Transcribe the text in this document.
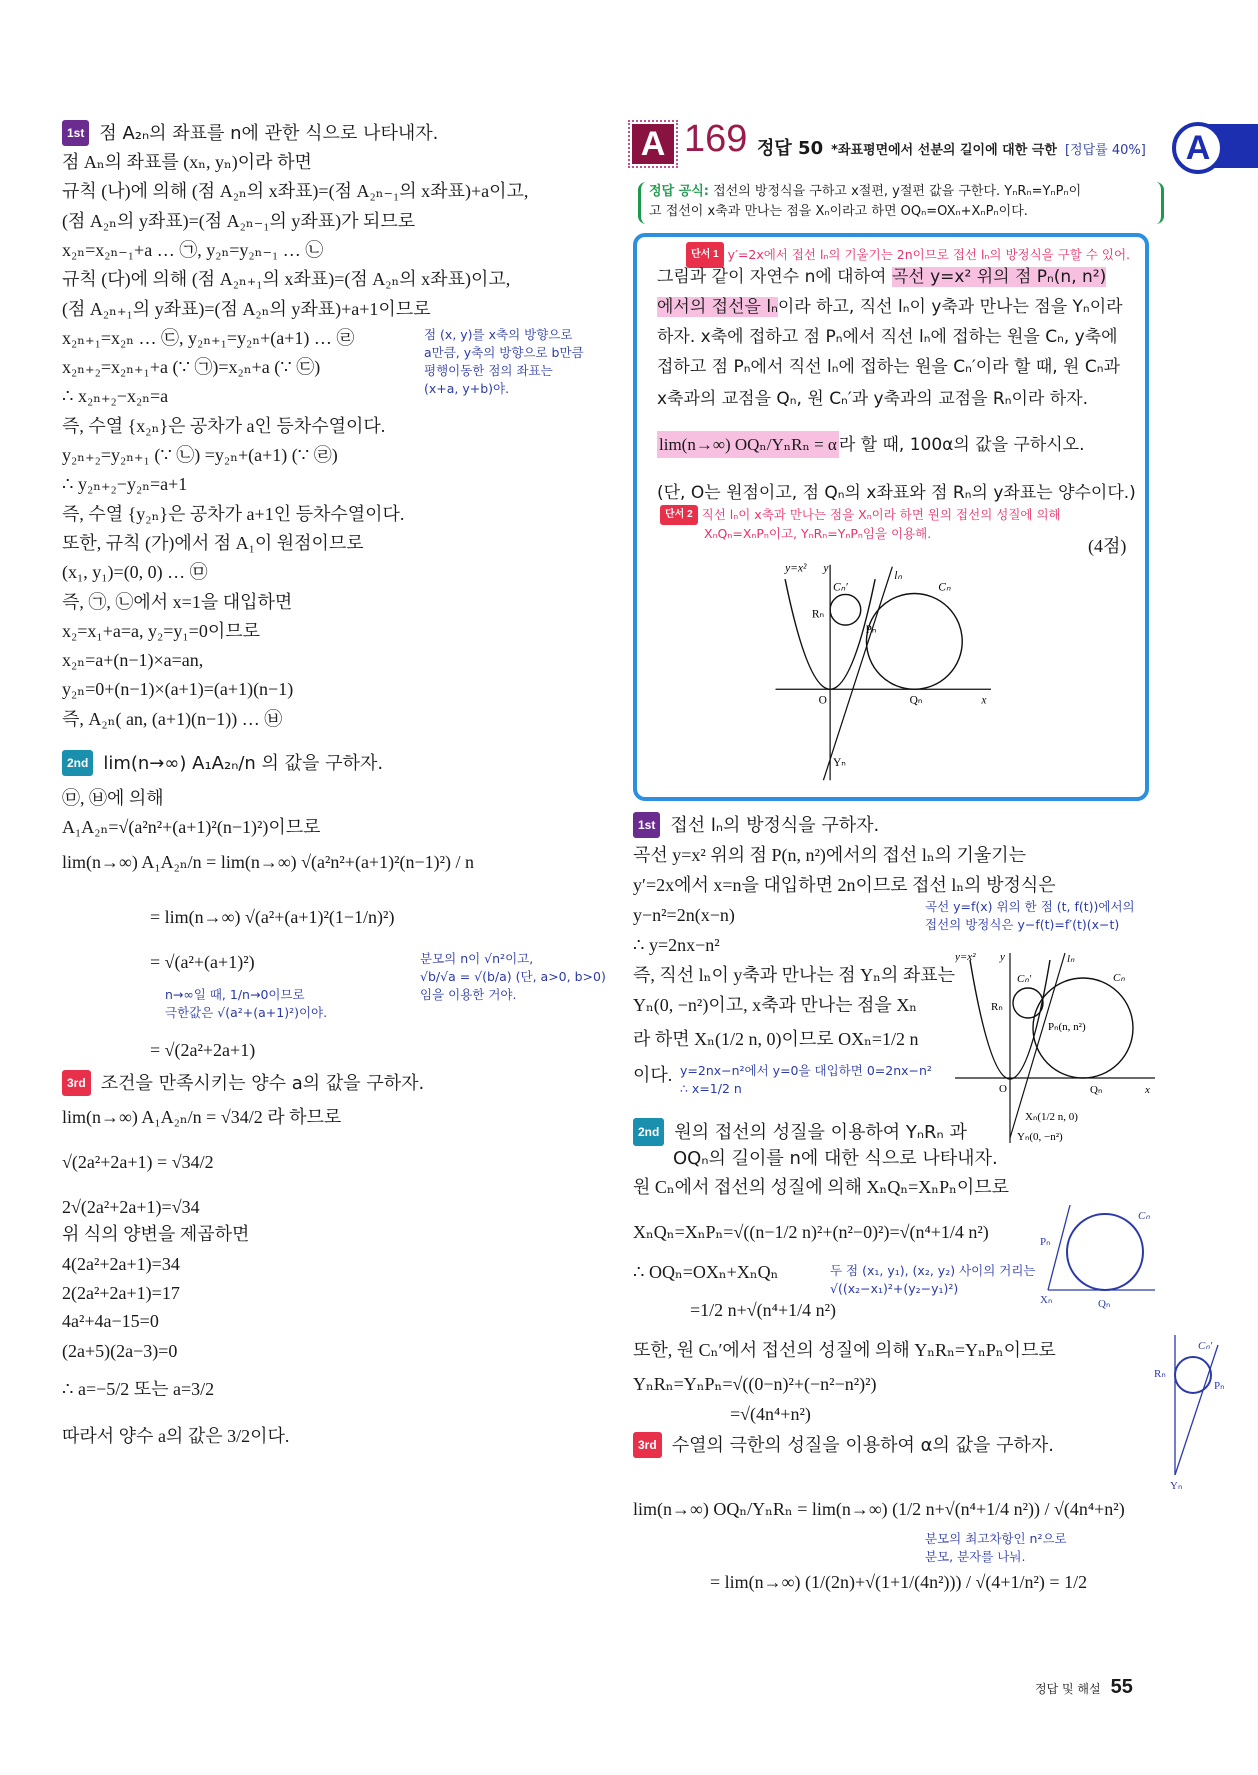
1st 점 A₂ₙ의 좌표를 n에 관한 식으로 나타내자.
점 Aₙ의 좌표를 (xₙ, yₙ)이라 하면
규칙 (나)에 의해 (점 A₂ₙ의 x좌표)=(점 A₂ₙ₋₁의 x좌표)+a이고,
(점 A₂ₙ의 y좌표)=(점 A₂ₙ₋₁의 y좌표)가 되므로
x₂ₙ=x₂ₙ₋₁+a … ㉠, y₂ₙ=y₂ₙ₋₁ … ㉡
규칙 (다)에 의해 (점 A₂ₙ₊₁의 x좌표)=(점 A₂ₙ의 x좌표)이고,
(점 A₂ₙ₊₁의 y좌표)=(점 A₂ₙ의 y좌표)+a+1이므로
x₂ₙ₊₁=x₂ₙ … ㉢, y₂ₙ₊₁=y₂ₙ+(a+1) … ㉣
x₂ₙ₊₂=x₂ₙ₊₁+a (∵ ㉠)=x₂ₙ+a (∵ ㉢)
∴ x₂ₙ₊₂−x₂ₙ=a
즉, 수열 {x₂ₙ}은 공차가 a인 등차수열이다.
y₂ₙ₊₂=y₂ₙ₊₁ (∵ ㉡) =y₂ₙ+(a+1) (∵ ㉣)
∴ y₂ₙ₊₂−y₂ₙ=a+1
즉, 수열 {y₂ₙ}은 공차가 a+1인 등차수열이다.
또한, 규칙 (가)에서 점 A₁이 원점이므로
(x₁, y₁)=(0, 0) … ㉤
즉, ㉠, ㉡에서 x=1을 대입하면
x₂=x₁+a=a, y₂=y₁=0이므로
x₂ₙ=a+(n−1)×a=an,
y₂ₙ=0+(n−1)×(a+1)=(a+1)(n−1)
즉, A₂ₙ( an, (a+1)(n−1)) … ㉥
점 (x, y)를 x축의 방향으로
a만큼, y축의 방향으로 b만큼
평행이동한 점의 좌표는
(x+a, y+b)야.
2nd lim(n→∞) A₁A₂ₙ/n 의 값을 구하자.
㉤, ㉥에 의해
A₁A₂ₙ=√(a²n²+(a+1)²(n−1)²)이므로
lim(n→∞) A₁A₂ₙ/n = lim(n→∞) √(a²n²+(a+1)²(n−1)²) / n
= lim(n→∞) √(a²+(a+1)²(1−1/n)²)
= √(a²+(a+1)²)
= √(2a²+2a+1)
n→∞일 때, 1/n→0이므로
극한값은 √(a²+(a+1)²)이야.
분모의 n이 √n²이고,
√b/√a = √(b/a) (단, a>0, b>0)
임을 이용한 거야.
3rd 조건을 만족시키는 양수 a의 값을 구하자.
lim(n→∞) A₁A₂ₙ/n = √34/2 라 하므로
√(2a²+2a+1) = √34/2
2√(2a²+2a+1)=√34
위 식의 양변을 제곱하면
4(2a²+2a+1)=34
2(2a²+2a+1)=17
4a²+4a−15=0
(2a+5)(2a−3)=0
∴ a=−5/2 또는 a=3/2
따라서 양수 a의 값은 3/2이다.
A 169 정답 50 *좌표평면에서 선분의 길이에 대한 극한 [정답률 40%]	A
정답 공식: 접선의 방정식을 구하고 x절편, y절편 값을 구한다. YₙRₙ=YₙPₙ이
고 접선이 x축과 만나는 점을 Xₙ이라고 하면 OQₙ=OXₙ+XₙPₙ이다.
단서 1 y′=2x에서 접선 lₙ의 기울기는 2n이므로 접선 lₙ의 방정식을 구할 수 있어.
그림과 같이 자연수 n에 대하여 곡선 y=x² 위의 점 Pₙ(n, n²)
에서의 접선을 lₙ이라 하고, 직선 lₙ이 y축과 만나는 점을 Yₙ이라
하자. x축에 접하고 점 Pₙ에서 직선 lₙ에 접하는 원을 Cₙ, y축에
접하고 점 Pₙ에서 직선 lₙ에 접하는 원을 Cₙ′이라 할 때, 원 Cₙ과
x축과의 교점을 Qₙ, 원 Cₙ′과 y축과의 교점을 Rₙ이라 하자.
lim(n→∞) OQₙ/YₙRₙ = α 라 할 때, 100α의 값을 구하시오.
(단, O는 원점이고, 점 Qₙ의 x좌표와 점 Rₙ의 y좌표는 양수이다.)
단서 2 직선 lₙ이 x축과 만나는 점을 Xₙ이라 하면 원의 접선의 성질에 의해
XₙQₙ=XₙPₙ이고, YₙRₙ=YₙPₙ임을 이용해.
(4점)
y=x² y
x
O
lₙ
Cₙ
Cₙ′
Rₙ
Pₙ
Qₙ
Yₙ
1st 접선 lₙ의 방정식을 구하자.
곡선 y=x² 위의 점 P(n, n²)에서의 접선 lₙ의 기울기는
y′=2x에서 x=n을 대입하면 2n이므로 접선 lₙ의 방정식은
y−n²=2n(x−n)
∴ y=2nx−n²
즉, 직선 lₙ이 y축과 만나는 점 Yₙ의 좌표는
Yₙ(0, −n²)이고, x축과 만나는 점을 Xₙ
라 하면 Xₙ(1/2 n, 0)이므로 OXₙ=1/2 n
이다.
곡선 y=f(x) 위의 한 점 (t, f(t))에서의
접선의 방정식은 y−f(t)=f′(t)(x−t)
y=2nx−n²에서 y=0을 대입하면 0=2nx−n²
∴ x=1/2 n
y=x² y
x
O
lₙ
Cₙ
Cₙ′
Rₙ
Pₙ(n, n²)
Qₙ
Xₙ(1/2 n, 0)
Yₙ(0, −n²)
2nd 원의 접선의 성질을 이용하여 YₙRₙ 과
OQₙ의 길이를 n에 대한 식으로 나타내자.
원 Cₙ에서 접선의 성질에 의해 XₙQₙ=XₙPₙ이므로
XₙQₙ=XₙPₙ=√((n−1/2 n)²+(n²−0)²)=√(n⁴+1/4 n²)
∴ OQₙ=OXₙ+XₙQₙ
=1/2 n+√(n⁴+1/4 n²)
또한, 원 Cₙ′에서 접선의 성질에 의해 YₙRₙ=YₙPₙ이므로
YₙRₙ=YₙPₙ=√((0−n)²+(−n²−n²)²)
=√(4n⁴+n²)
두 점 (x₁, y₁), (x₂, y₂) 사이의 거리는
√((x₂−x₁)²+(y₂−y₁)²)
Pₙ
Cₙ
Xₙ	Qₙ
Cₙ′
Rₙ
Pₙ
Yₙ
3rd 수열의 극한의 성질을 이용하여 α의 값을 구하자.
lim(n→∞) OQₙ/YₙRₙ = lim(n→∞) (1/2 n+√(n⁴+1/4 n²)) / √(4n⁴+n²)
= lim(n→∞) (1/(2n)+√(1+1/(4n²))) / √(4+1/n²) = 1/2
분모의 최고차항인 n²으로
분모, 분자를 나눠.
정답 및 해설 55
